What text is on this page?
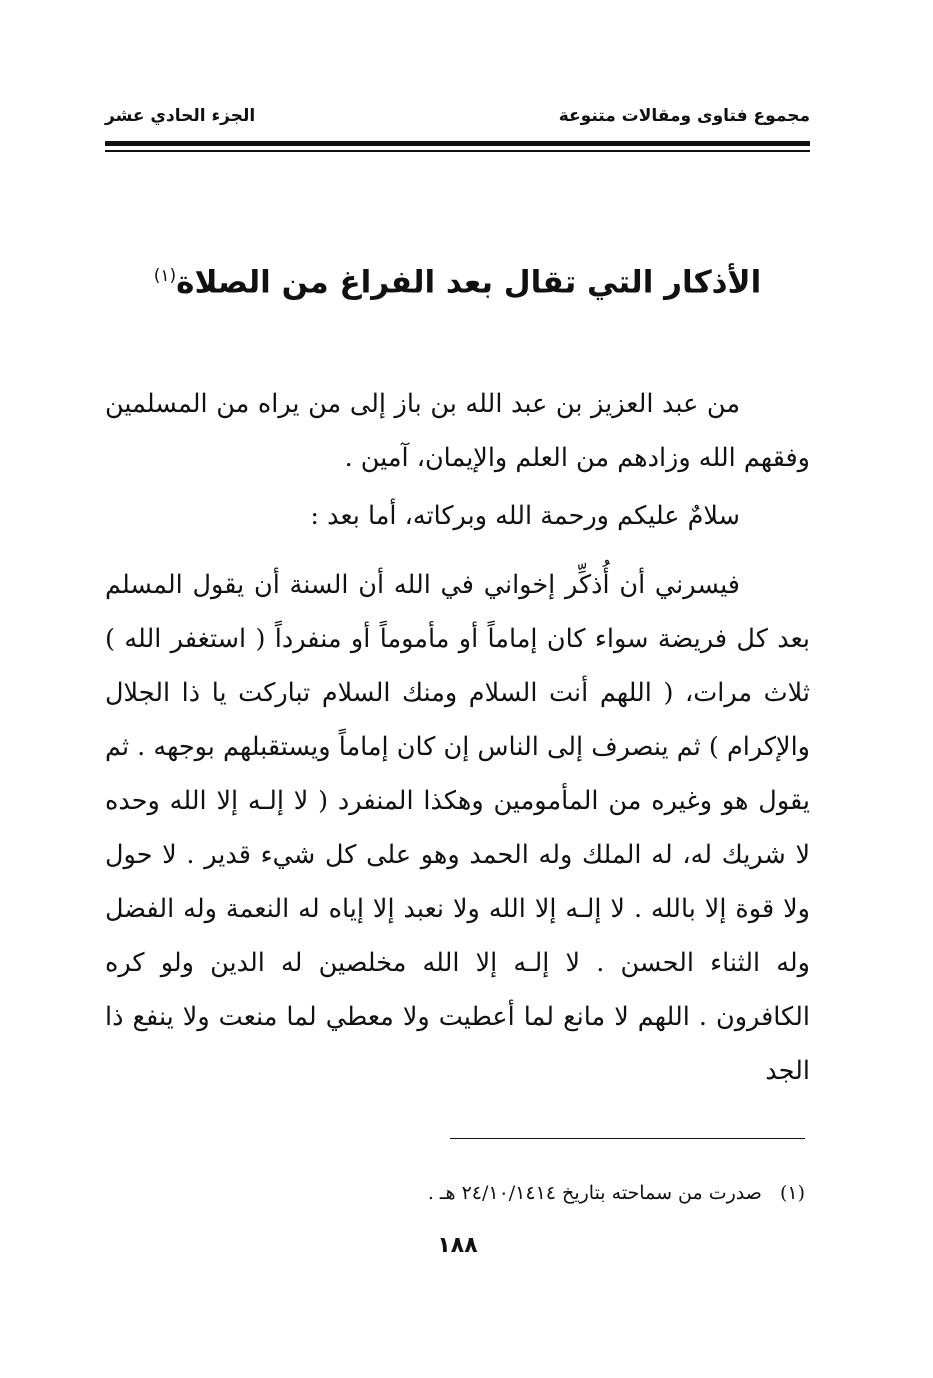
مجموع فتاوى ومقالات متنوعة
الجزء الحادي عشر
الأذكار التي تقال بعد الفراغ من الصلاة$^{(١)}$

من عبد العزيز بن عبد الله بن باز إلى من يراه من المسلمين وفقهم الله وزادهم من العلم والإيمان، آمين .

سلامٌ عليكم ورحمة الله وبركاته، أما بعد :

فيسرني أن أُذكِّر إخواني في الله أن السنة أن يقول المسلم بعد كل فريضة سواء كان إماماً أو مأموماً أو منفرداً ( استغفر الله ) ثلاث مرات، ( اللهم أنت السلام ومنك السلام تباركت يا ذا الجلال والإكرام ) ثم ينصرف إلى الناس إن كان إماماً ويستقبلهم بوجهه . ثم يقول هو وغيره من المأمومين وهكذا المنفرد ( لا إلـه إلا الله وحده لا شريك له، له الملك وله الحمد وهو على كل شيء قدير . لا حول ولا قوة إلا بالله . لا إلـه إلا الله ولا نعبد إلا إياه له النعمة وله الفضل وله الثناء الحسن . لا إلـه إلا الله مخلصين له الدين ولو كره الكافرون . اللهم لا مانع لما أعطيت ولا معطي لما منعت ولا ينفع ذا الجد

(١) صدرت من سماحته بتاريخ ٢٤/١٠/١٤١٤ هـ .
١٨٨
